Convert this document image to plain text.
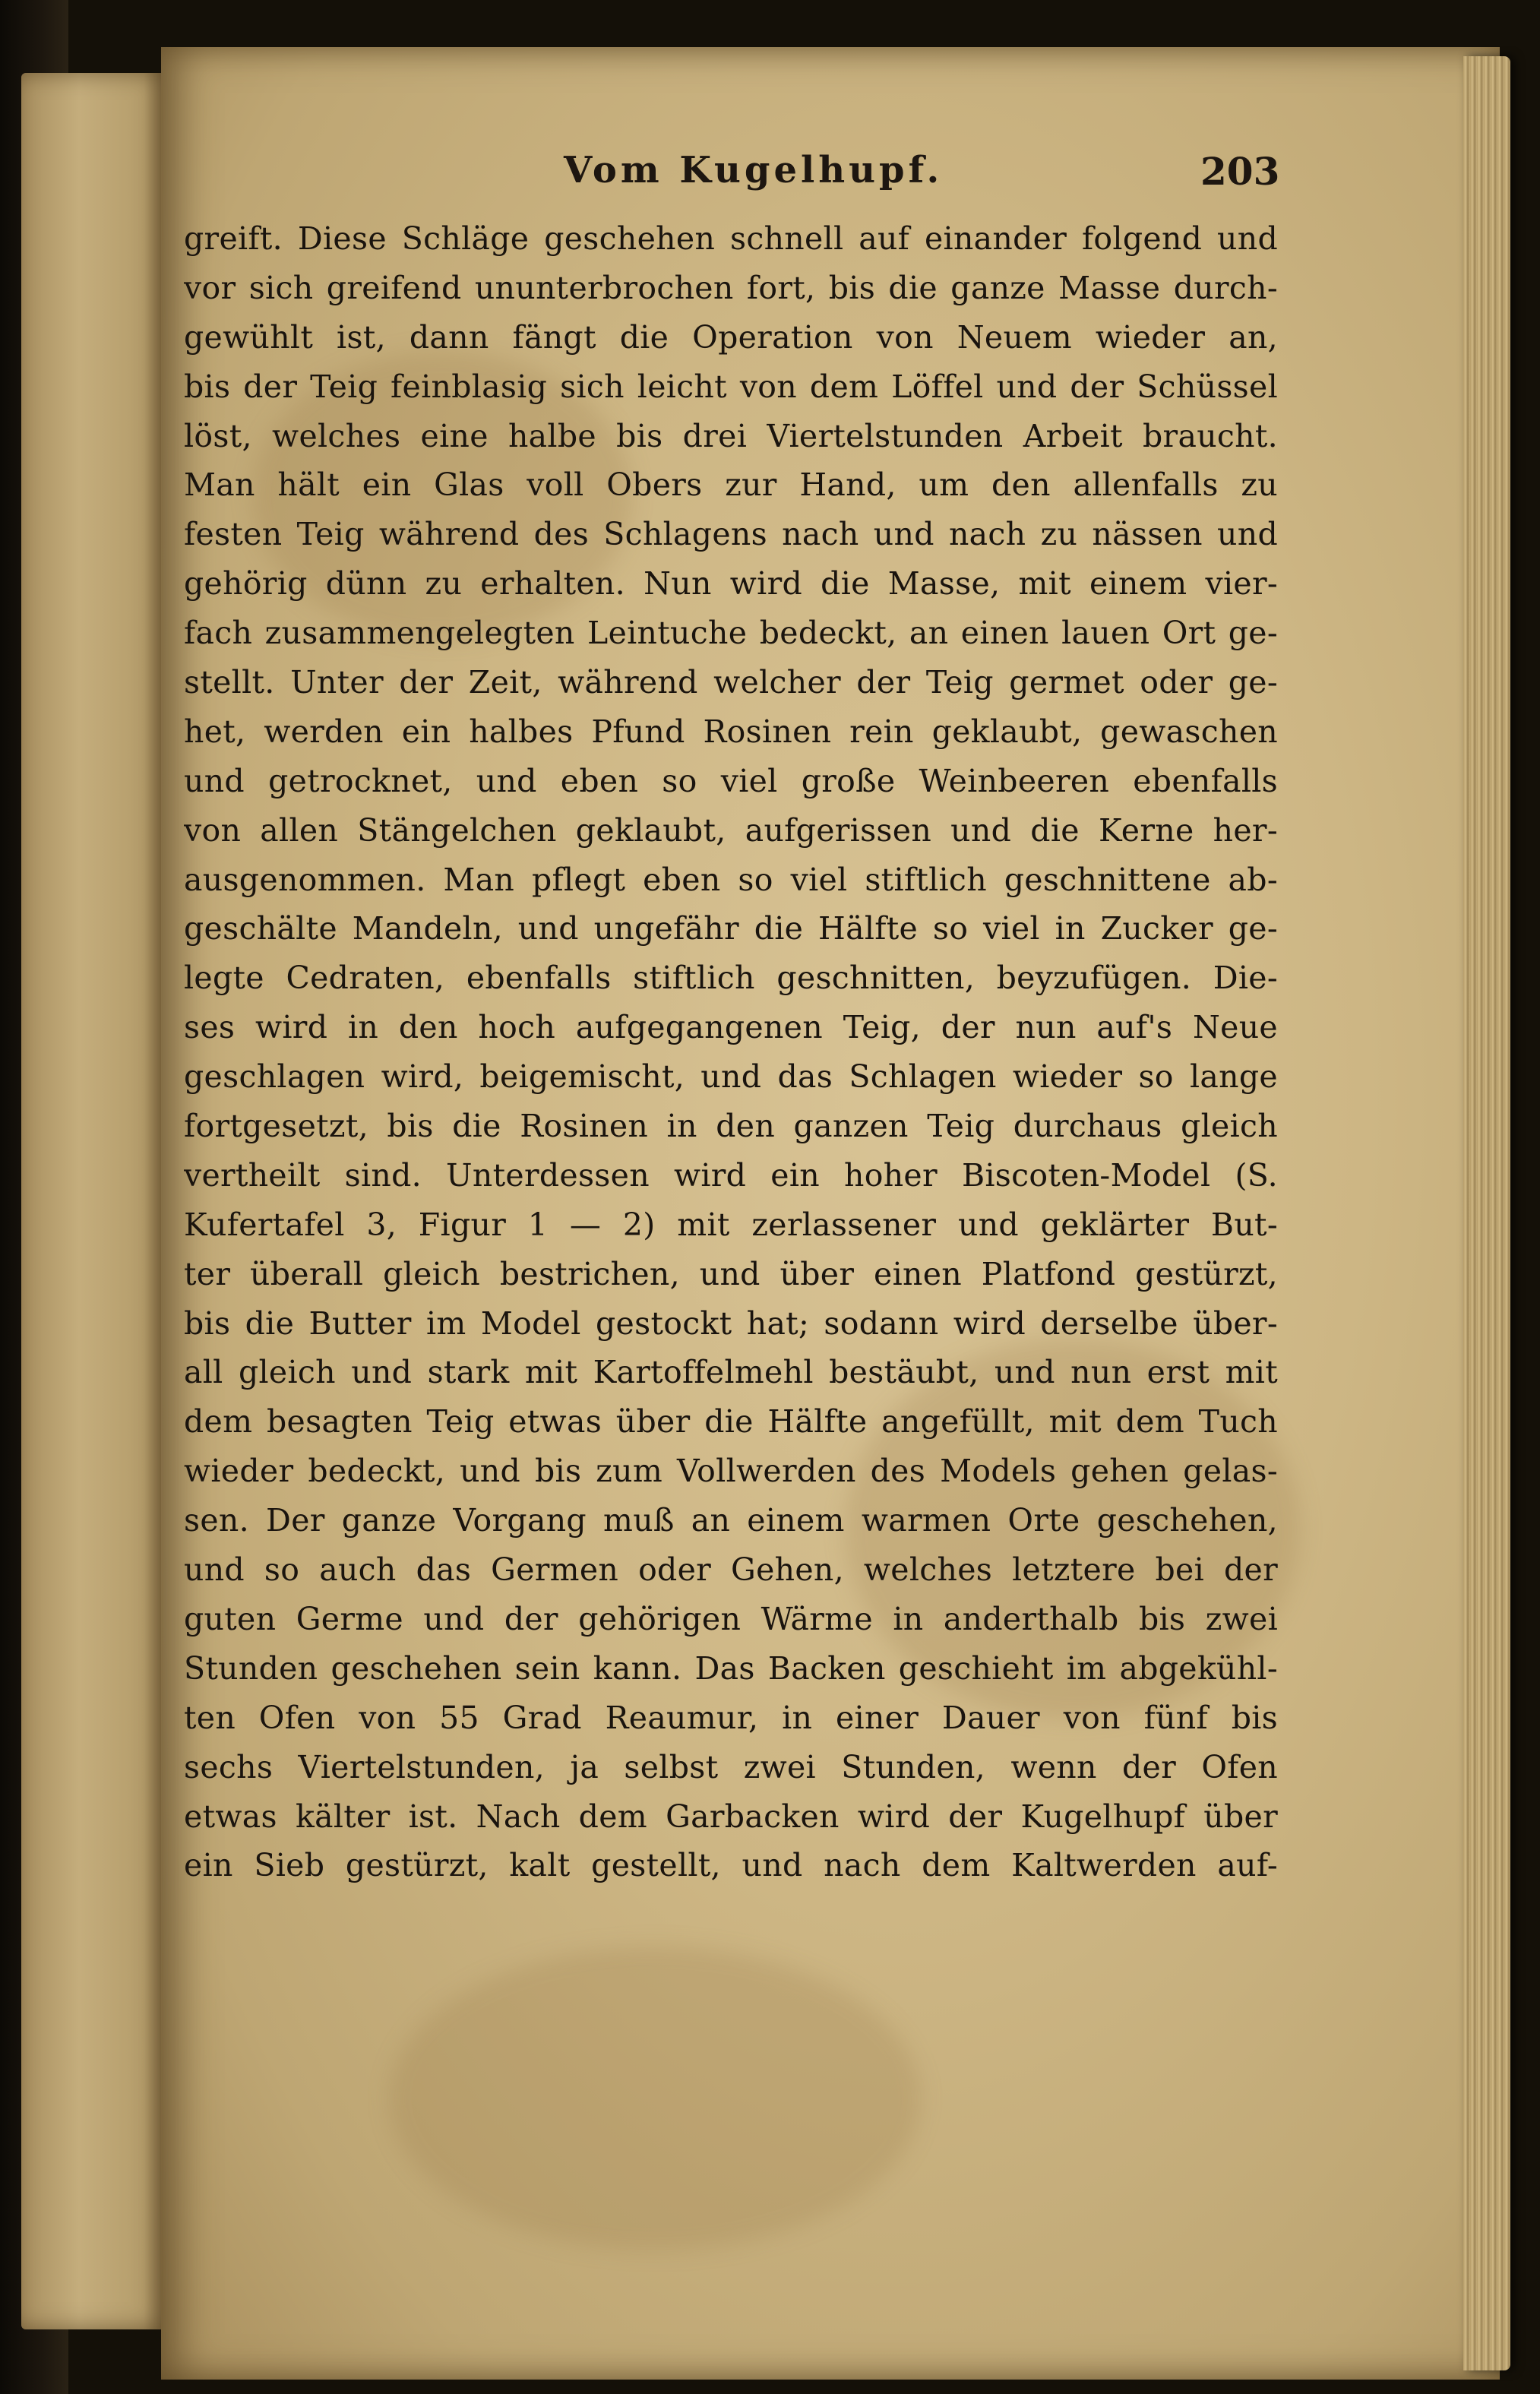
Vom Kugelhupf.	203
greift. Diese Schläge geschehen schnell auf einander folgend und
vor sich greifend ununterbrochen fort, bis die ganze Masse durch-
gewühlt ist, dann fängt die Operation von Neuem wieder an,
bis der Teig feinblasig sich leicht von dem Löffel und der Schüssel
löst, welches eine halbe bis drei Viertelstunden Arbeit braucht.
Man hält ein Glas voll Obers zur Hand, um den allenfalls zu
festen Teig während des Schlagens nach und nach zu nässen und
gehörig dünn zu erhalten. Nun wird die Masse, mit einem vier-
fach zusammengelegten Leintuche bedeckt, an einen lauen Ort ge-
stellt. Unter der Zeit, während welcher der Teig germet oder ge-
het, werden ein halbes Pfund Rosinen rein geklaubt, gewaschen
und getrocknet, und eben so viel große Weinbeeren ebenfalls
von allen Stängelchen geklaubt, aufgerissen und die Kerne her-
ausgenommen. Man pflegt eben so viel stiftlich geschnittene ab-
geschälte Mandeln, und ungefähr die Hälfte so viel in Zucker ge-
legte Cedraten, ebenfalls stiftlich geschnitten, beyzufügen. Die-
ses wird in den hoch aufgegangenen Teig, der nun auf's Neue
geschlagen wird, beigemischt, und das Schlagen wieder so lange
fortgesetzt, bis die Rosinen in den ganzen Teig durchaus gleich
vertheilt sind. Unterdessen wird ein hoher Biscoten-Model (S.
Kufertafel 3, Figur 1 — 2) mit zerlassener und geklärter But-
ter überall gleich bestrichen, und über einen Platfond gestürzt,
bis die Butter im Model gestockt hat; sodann wird derselbe über-
all gleich und stark mit Kartoffelmehl bestäubt, und nun erst mit
dem besagten Teig etwas über die Hälfte angefüllt, mit dem Tuch
wieder bedeckt, und bis zum Vollwerden des Models gehen gelas-
sen. Der ganze Vorgang muß an einem warmen Orte geschehen,
und so auch das Germen oder Gehen, welches letztere bei der
guten Germe und der gehörigen Wärme in anderthalb bis zwei
Stunden geschehen sein kann. Das Backen geschieht im abgekühl-
ten Ofen von 55 Grad Reaumur, in einer Dauer von fünf bis
sechs Viertelstunden, ja selbst zwei Stunden, wenn der Ofen
etwas kälter ist. Nach dem Garbacken wird der Kugelhupf über
ein Sieb gestürzt, kalt gestellt, und nach dem Kaltwerden auf-
